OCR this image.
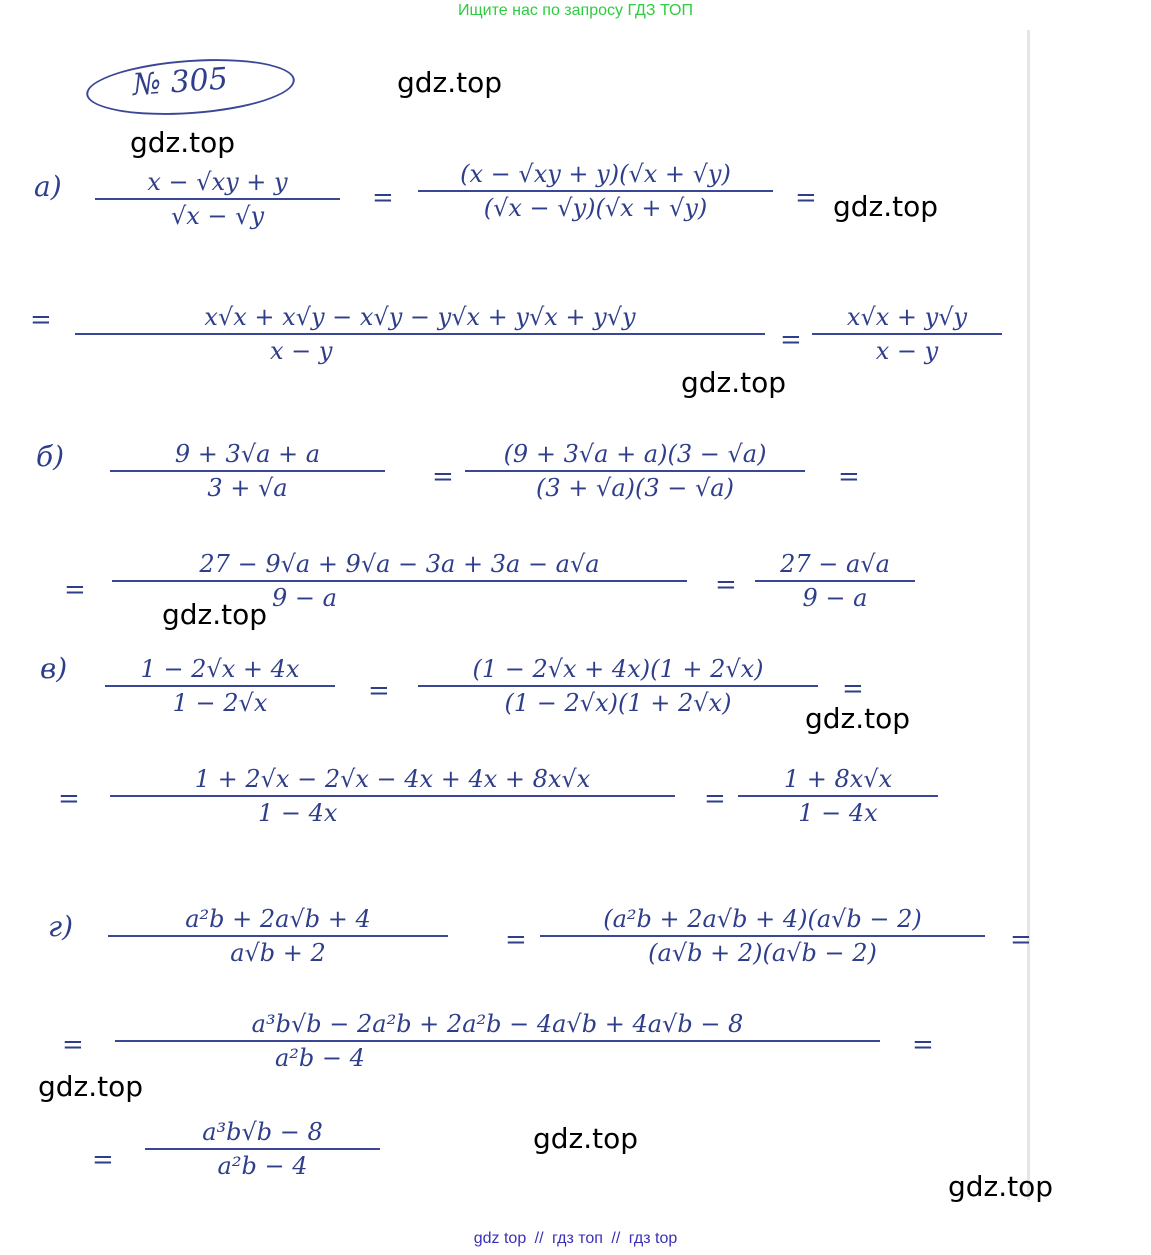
Ищите нас по запросу ГДЗ ТОП
№ 305	gdz.top
gdz.top
gdz.top
gdz.top
gdz.top
gdz.top
gdz.top
gdz.top
gdz.top
а)	x − √xy + y
√x − √y
=
(x − √xy + y)(√x + √y)
(√x − √y)(√x + √y)	=
=	x√x + x√y − x√y − y√x + y√x + y√y
x − y	=
x√x + y√y
x − y
б)	9 + 3√a + a
3 + √a	=
(9 + 3√a + a)(3 − √a)
(3 + √a)(3 − √a)	=
=
27 − 9√a + 9√a − 3a + 3a − a√a
9 − a	=
27 − a√a
9 − a
в)	1 − 2√x + 4x
1 − 2√x	=
(1 − 2√x + 4x)(1 + 2√x)
(1 − 2√x)(1 + 2√x)	=
=
1 + 2√x − 2√x − 4x + 4x + 8x√x
1 − 4x	=
1 + 8x√x
1 − 4x
г)	a²b + 2a√b + 4
a√b + 2	=
(a²b + 2a√b + 4)(a√b − 2)
(a√b + 2)(a√b − 2)	=
=
a³b√b − 2a²b + 2a²b − 4a√b + 4a√b − 8
a²b − 4	=
=
a³b√b − 8
a²b − 4
gdz top // гдз топ // гдз top
